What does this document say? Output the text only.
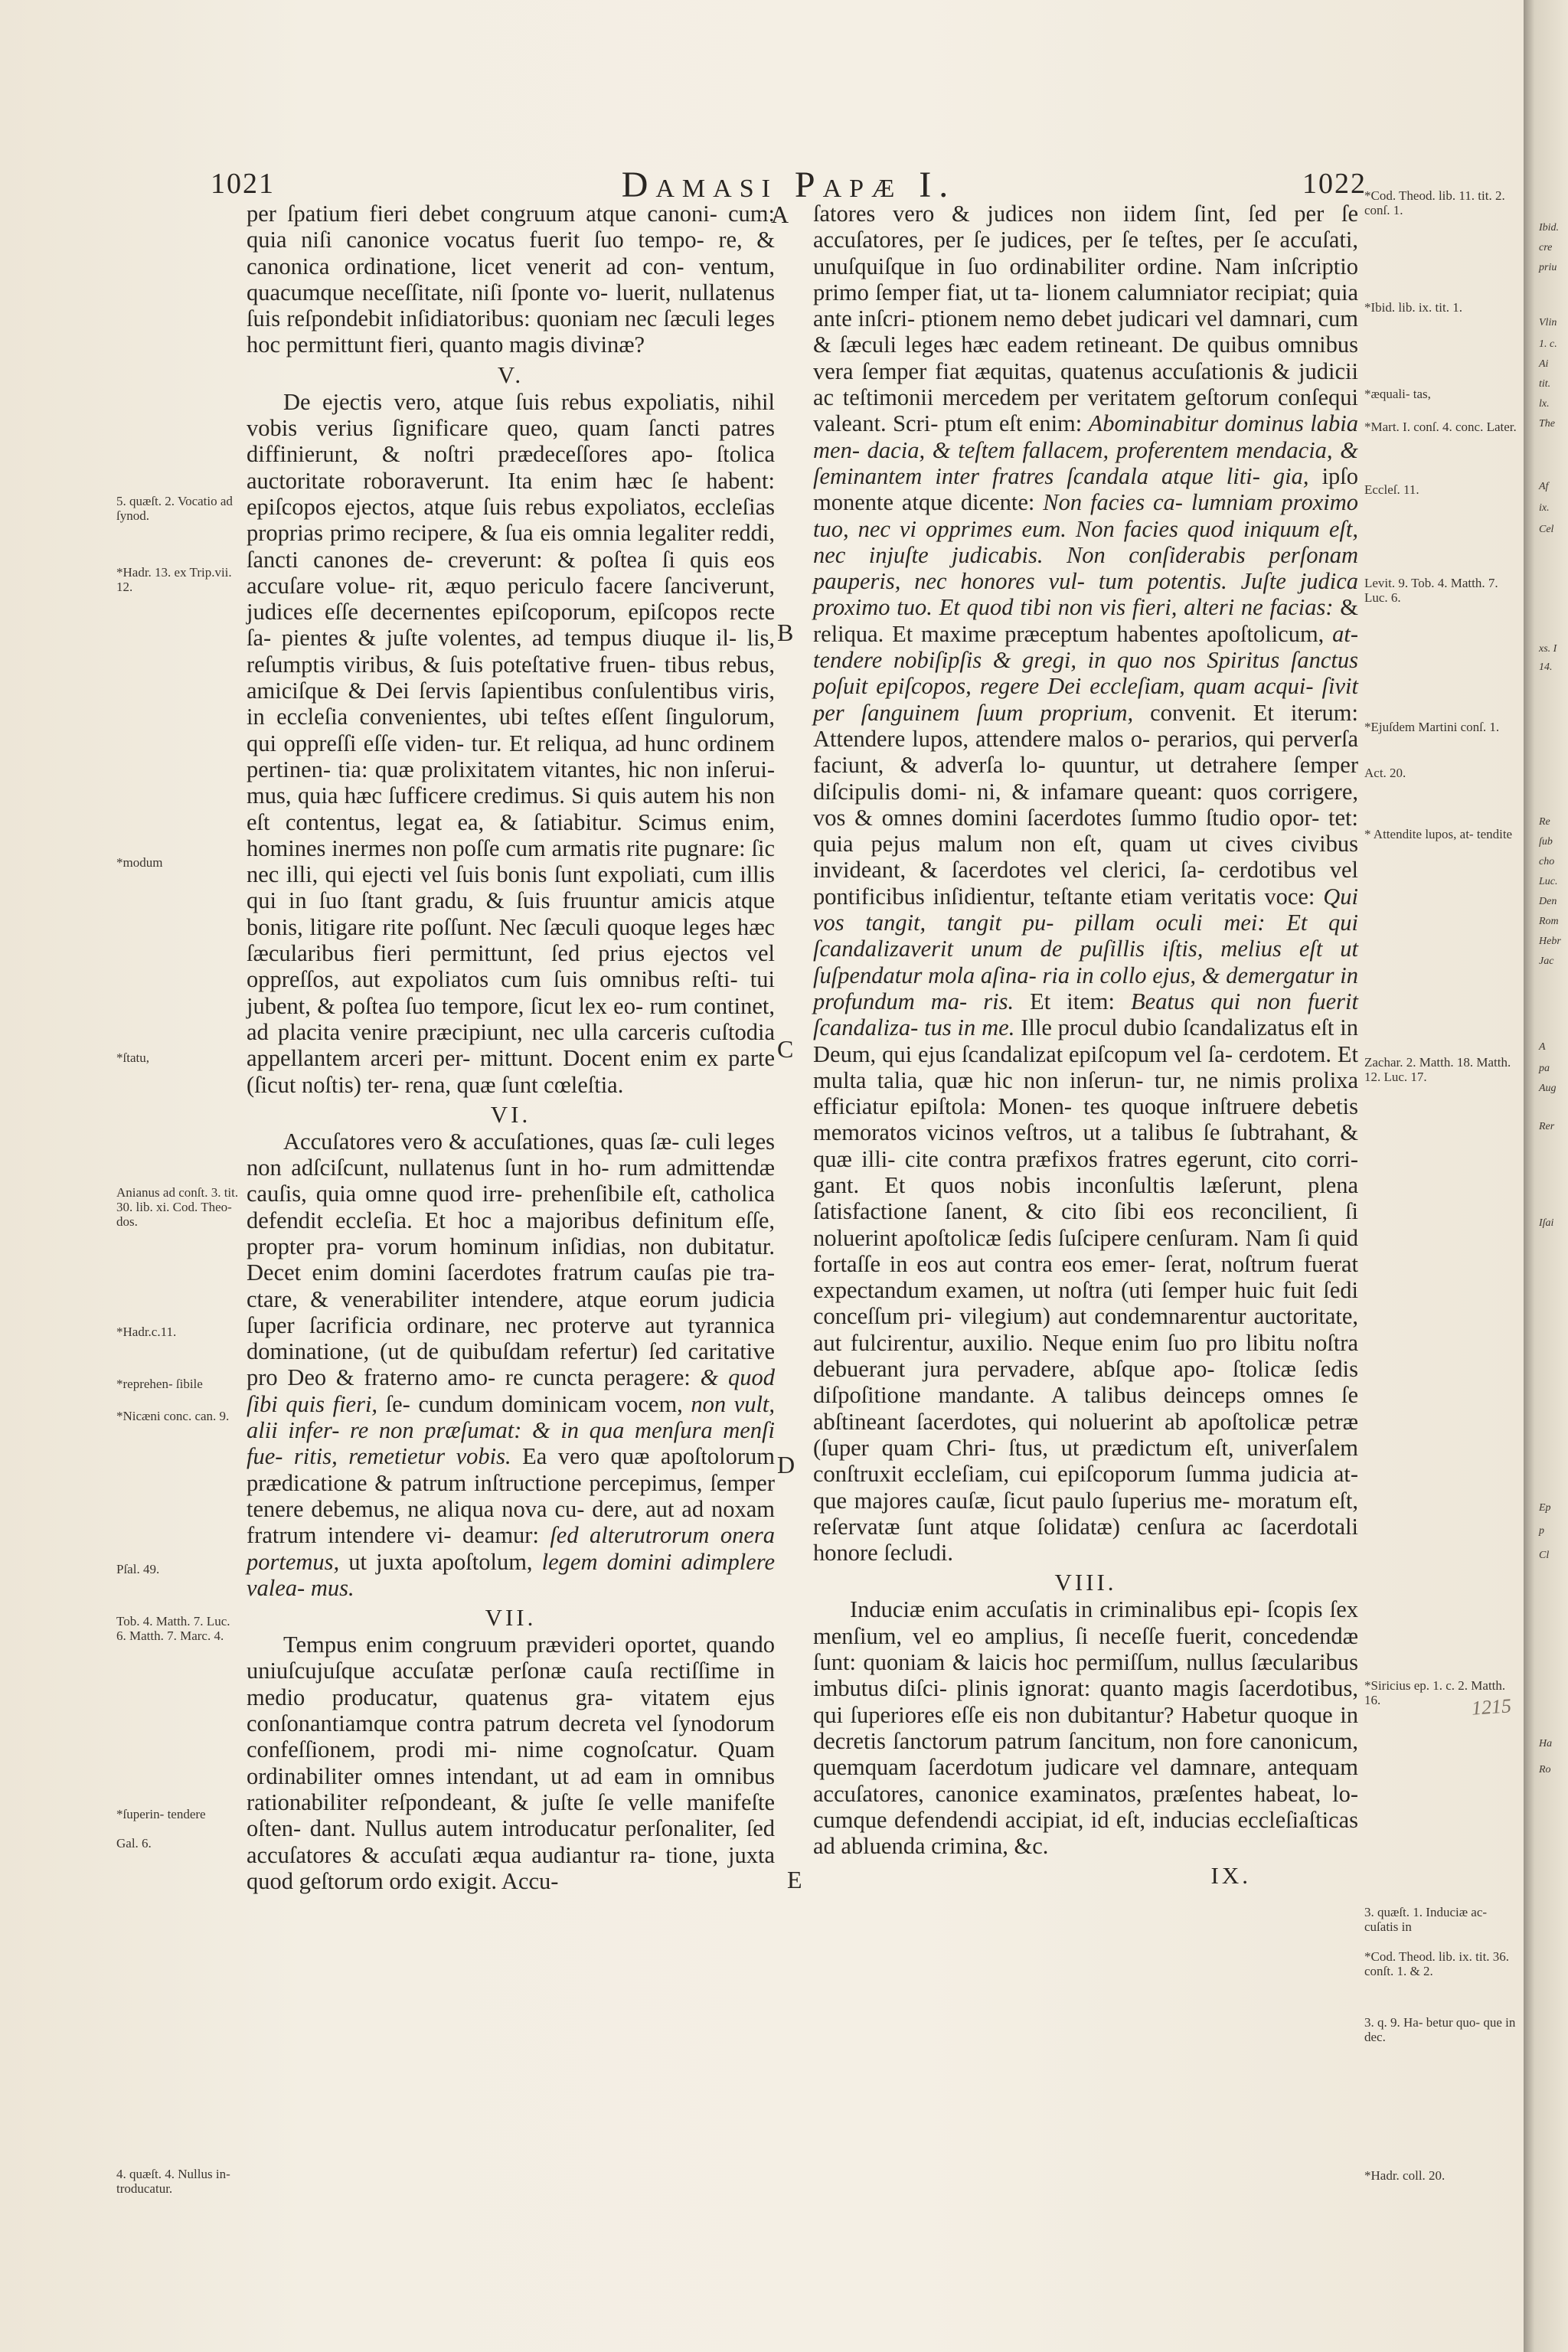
1021	Damasi Papæ I.	1022

per ſpatium fieri debet congruum atque canoni- cum: quia niſi canonice vocatus fuerit ſuo tempo- re, & canonica ordinatione, licet venerit ad con- ventum, quacumque neceſſitate, niſi ſponte vo- luerit, nullatenus ſuis reſpondebit inſidiatoribus: quoniam nec ſæculi leges hoc permittunt fieri, quanto magis divinæ?

V.

De ejectis vero, atque ſuis rebus expoliatis, nihil vobis verius ſignificare queo, quam ſancti patres diffinierunt, & noſtri prædeceſſores apo- ſtolica auctoritate roboraverunt. Ita enim hæc ſe habent: epiſcopos ejectos, atque ſuis rebus expoliatos, eccleſias proprias primo recipere, & ſua eis omnia legaliter reddi, ſancti canones de- creverunt: & poſtea ſi quis eos accuſare volue- rit, æquo periculo facere ſanciverunt, judices eſſe decernentes epiſcoporum, epiſcopos recte ſa- pientes & juſte volentes, ad tempus diuque il- lis, reſumptis viribus, & ſuis poteſtative fruen- tibus rebus, amiciſque & Dei ſervis ſapientibus conſulentibus viris, in eccleſia convenientes, ubi teſtes eſſent ſingulorum, qui oppreſſi eſſe viden- tur. Et reliqua, ad hunc ordinem pertinen- tia: quæ prolixitatem vitantes, hic non inſerui- mus, quia hæc ſufficere credimus. Si quis autem his non eſt contentus, legat ea, & ſatiabitur. Scimus enim, homines inermes non poſſe cum armatis rite pugnare: ſic nec illi, qui ejecti vel ſuis bonis ſunt expoliati, cum illis qui in ſuo ſtant gradu, & ſuis fruuntur amicis atque bonis, litigare rite poſſunt. Nec ſæculi quoque leges hæc ſæcularibus fieri permittunt, ſed prius ejectos vel oppreſſos, aut expoliatos cum ſuis omnibus reſti- tui jubent, & poſtea ſuo tempore, ſicut lex eo- rum continet, ad placita venire præcipiunt, nec ulla carceris cuſtodia appellantem arceri per- mittunt. Docent enim ex parte (ſicut noſtis) ter- rena, quæ ſunt cœleſtia.

VI.

Accuſatores vero & accuſationes, quas ſæ- culi leges non adſciſcunt, nullatenus ſunt in ho- rum admittendæ cauſis, quia omne quod irre- prehenſibile eſt, catholica defendit eccleſia. Et hoc a majoribus definitum eſſe, propter pra- vorum hominum inſidias, non dubitatur. Decet enim domini ſacerdotes fratrum cauſas pie tra- ctare, & venerabiliter intendere, atque eorum judicia ſuper ſacrificia ordinare, nec proterve aut tyrannica dominatione, (ut de quibuſdam refertur) ſed caritative pro Deo & fraterno amo- re cuncta peragere: & quod ſibi quis fieri, ſe- cundum dominicam vocem, non vult, alii infer- re non præſumat: & in qua menſura menſi fue- ritis, remetietur vobis. Ea vero quæ apoſtolorum prædicatione & patrum inſtructione percepimus, ſemper tenere debemus, ne aliqua nova cu- dere, aut ad noxam fratrum intendere vi- deamur: ſed alterutrorum onera portemus, ut juxta apoſtolum, legem domini adimplere valea- mus.

VII.

Tempus enim congruum prævideri oportet, quando uniuſcujuſque accuſatæ perſonæ cauſa rectiſſime in medio producatur, quatenus gra- vitatem ejus conſonantiamque contra patrum decreta vel ſynodorum confeſſionem, prodi mi- nime cognoſcatur. Quam ordinabiliter omnes intendant, ut ad eam in omnibus rationabiliter reſpondeant, & juſte ſe velle manifeſte oſten- dant. Nullus autem introducatur perſonaliter, ſed accuſatores & accuſati æqua audiantur ra- tione, juxta quod geſtorum ordo exigit. Accu-

ſatores vero & judices non iidem ſint, ſed per ſe accuſatores, per ſe judices, per ſe teſtes, per ſe accuſati, unuſquiſque in ſuo ordinabiliter ordine. Nam inſcriptio primo ſemper fiat, ut ta- lionem calumniator recipiat; quia ante inſcri- ptionem nemo debet judicari vel damnari, cum & ſæculi leges hæc eadem retineant. De quibus omnibus vera ſemper fiat æquitas, quatenus accuſationis & judicii ac teſtimonii mercedem per veritatem geſtorum conſequi valeant. Scri- ptum eſt enim: Abominabitur dominus labia men- dacia, & teſtem fallacem, proferentem mendacia, & ſeminantem inter fratres ſcandala atque liti- gia, ipſo monente atque dicente: Non facies ca- lumniam proximo tuo, nec vi opprimes eum. Non facies quod iniquum eſt, nec injuſte judicabis. Non conſiderabis perſonam pauperis, nec honores vul- tum potentis. Juſte judica proximo tuo. Et quod tibi non vis fieri, alteri ne facias: & reliqua. Et maxime præceptum habentes apoſtolicum, at- tendere nobiſipſis & gregi, in quo nos Spiritus ſanctus poſuit epiſcopos, regere Dei eccleſiam, quam acqui- ſivit per ſanguinem ſuum proprium, convenit. Et iterum: Attendere lupos, attendere malos o- perarios, qui perverſa faciunt, & adverſa lo- quuntur, ut detrahere ſemper diſcipulis domi- ni, & infamare queant: quos corrigere, vos & omnes domini ſacerdotes ſummo ſtudio opor- tet: quia pejus malum non eſt, quam ut cives civibus invideant, & ſacerdotes vel clerici, ſa- cerdotibus vel pontificibus inſidientur, teſtante etiam veritatis voce: Qui vos tangit, tangit pu- pillam oculi mei: Et qui ſcandalizaverit unum de puſillis iſtis, melius eſt ut ſuſpendatur mola aſina- ria in collo ejus, & demergatur in profundum ma- ris. Et item: Beatus qui non fuerit ſcandaliza- tus in me. Ille procul dubio ſcandalizatus eſt in Deum, qui ejus ſcandalizat epiſcopum vel ſa- cerdotem. Et multa talia, quæ hic non inſerun- tur, ne nimis prolixa efficiatur epiſtola: Monen- tes quoque inſtruere debetis memoratos vicinos veſtros, ut a talibus ſe ſubtrahant, & quæ illi- cite contra præfixos fratres egerunt, cito corri- gant. Et quos nobis inconſultis læſerunt, plena ſatisfactione ſanent, & cito ſibi eos reconcilient, ſi noluerint apoſtolicæ ſedis ſuſcipere cenſuram. Nam ſi quid fortaſſe in eos aut contra eos emer- ſerat, noſtrum fuerat expectandum examen, ut noſtra (uti ſemper huic fuit ſedi conceſſum pri- vilegium) aut condemnarentur auctoritate, aut fulcirentur, auxilio. Neque enim ſuo pro libitu noſtra debuerant jura pervadere, abſque apo- ſtolicæ ſedis diſpoſitione mandante. A talibus deinceps omnes ſe abſtineant ſacerdotes, qui noluerint ab apoſtolicæ petræ (ſuper quam Chri- ſtus, ut prædictum eſt, univerſalem conſtruxit eccleſiam, cui epiſcoporum ſumma judicia at- que majores cauſæ, ſicut paulo ſuperius me- moratum eſt, reſervatæ ſunt atque ſolidatæ) cenſura ac ſacerdotali honore ſecludi.

VIII.

Induciæ enim accuſatis in criminalibus epi- ſcopis ſex menſium, vel eo amplius, ſi neceſſe fuerit, concedendæ ſunt: quoniam & laicis hoc permiſſum, nullus ſæcularibus imbutus diſci- plinis ignorat: quanto magis ſacerdotibus, qui ſuperiores eſſe eis non dubitantur? Habetur quoque in decretis ſanctorum patrum ſancitum, non fore canonicum, quemquam ſacerdotum judicare vel damnare, antequam accuſatores, canonice examinatos, præſentes habeat, lo- cumque defendendi accipiat, id eſt, inducias eccleſiaſticas ad abluenda crimina, &c.

IX.
A
B
C
D
E
5. quæſt. 2. Vocatio ad ſynod.
*Hadr. 13. ex Trip.vii. 12.
*modum
*ſtatu,
Anianus ad conſt. 3. tit. 30. lib. xi. Cod. Theo- dos.
*Hadr.c.11.
*reprehen- ſibile
*Nicæni conc. can. 9.
Pſal. 49.
Tob. 4. Matth. 7. Luc. 6. Matth. 7. Marc. 4.
*ſuperin- tendere
Gal. 6.
4. quæſt. 4. Nullus in- troducatur.
*Cod. Theod. lib. 11. tit. 2. conſ. 1.
*Ibid. lib. ix. tit. 1.
*æquali- tas,
*Mart. I. conſ. 4. conc. Later.
Eccleſ. 11.
Levit. 9. Tob. 4. Matth. 7. Luc. 6.
*Ejuſdem Martini conſ. 1.
Act. 20.
* Attendite lupos, at- tendite
Zachar. 2. Matth. 18. Matth. 12. Luc. 17.
*Siricius ep. 1. c. 2. Matth. 16.
3. quæſt. 1. Induciæ ac- cuſatis in
*Cod. Theod. lib. ix. tit. 36. conſt. 1. & 2.
3. q. 9. Ha- betur quo- que in dec.
*Hadr. coll. 20.
1215
Ibid.
cre
priu
Vlin
1. c.
Ai
tit.
lx.
The
Af
ix.
Cel
xs. I
14.
Re
ſub
cho
Luc.
Den
Rom
Hebr
Jac
A
pa
Aug
Rer
Iſai
Ep
p
Cl
Ha
Ro
